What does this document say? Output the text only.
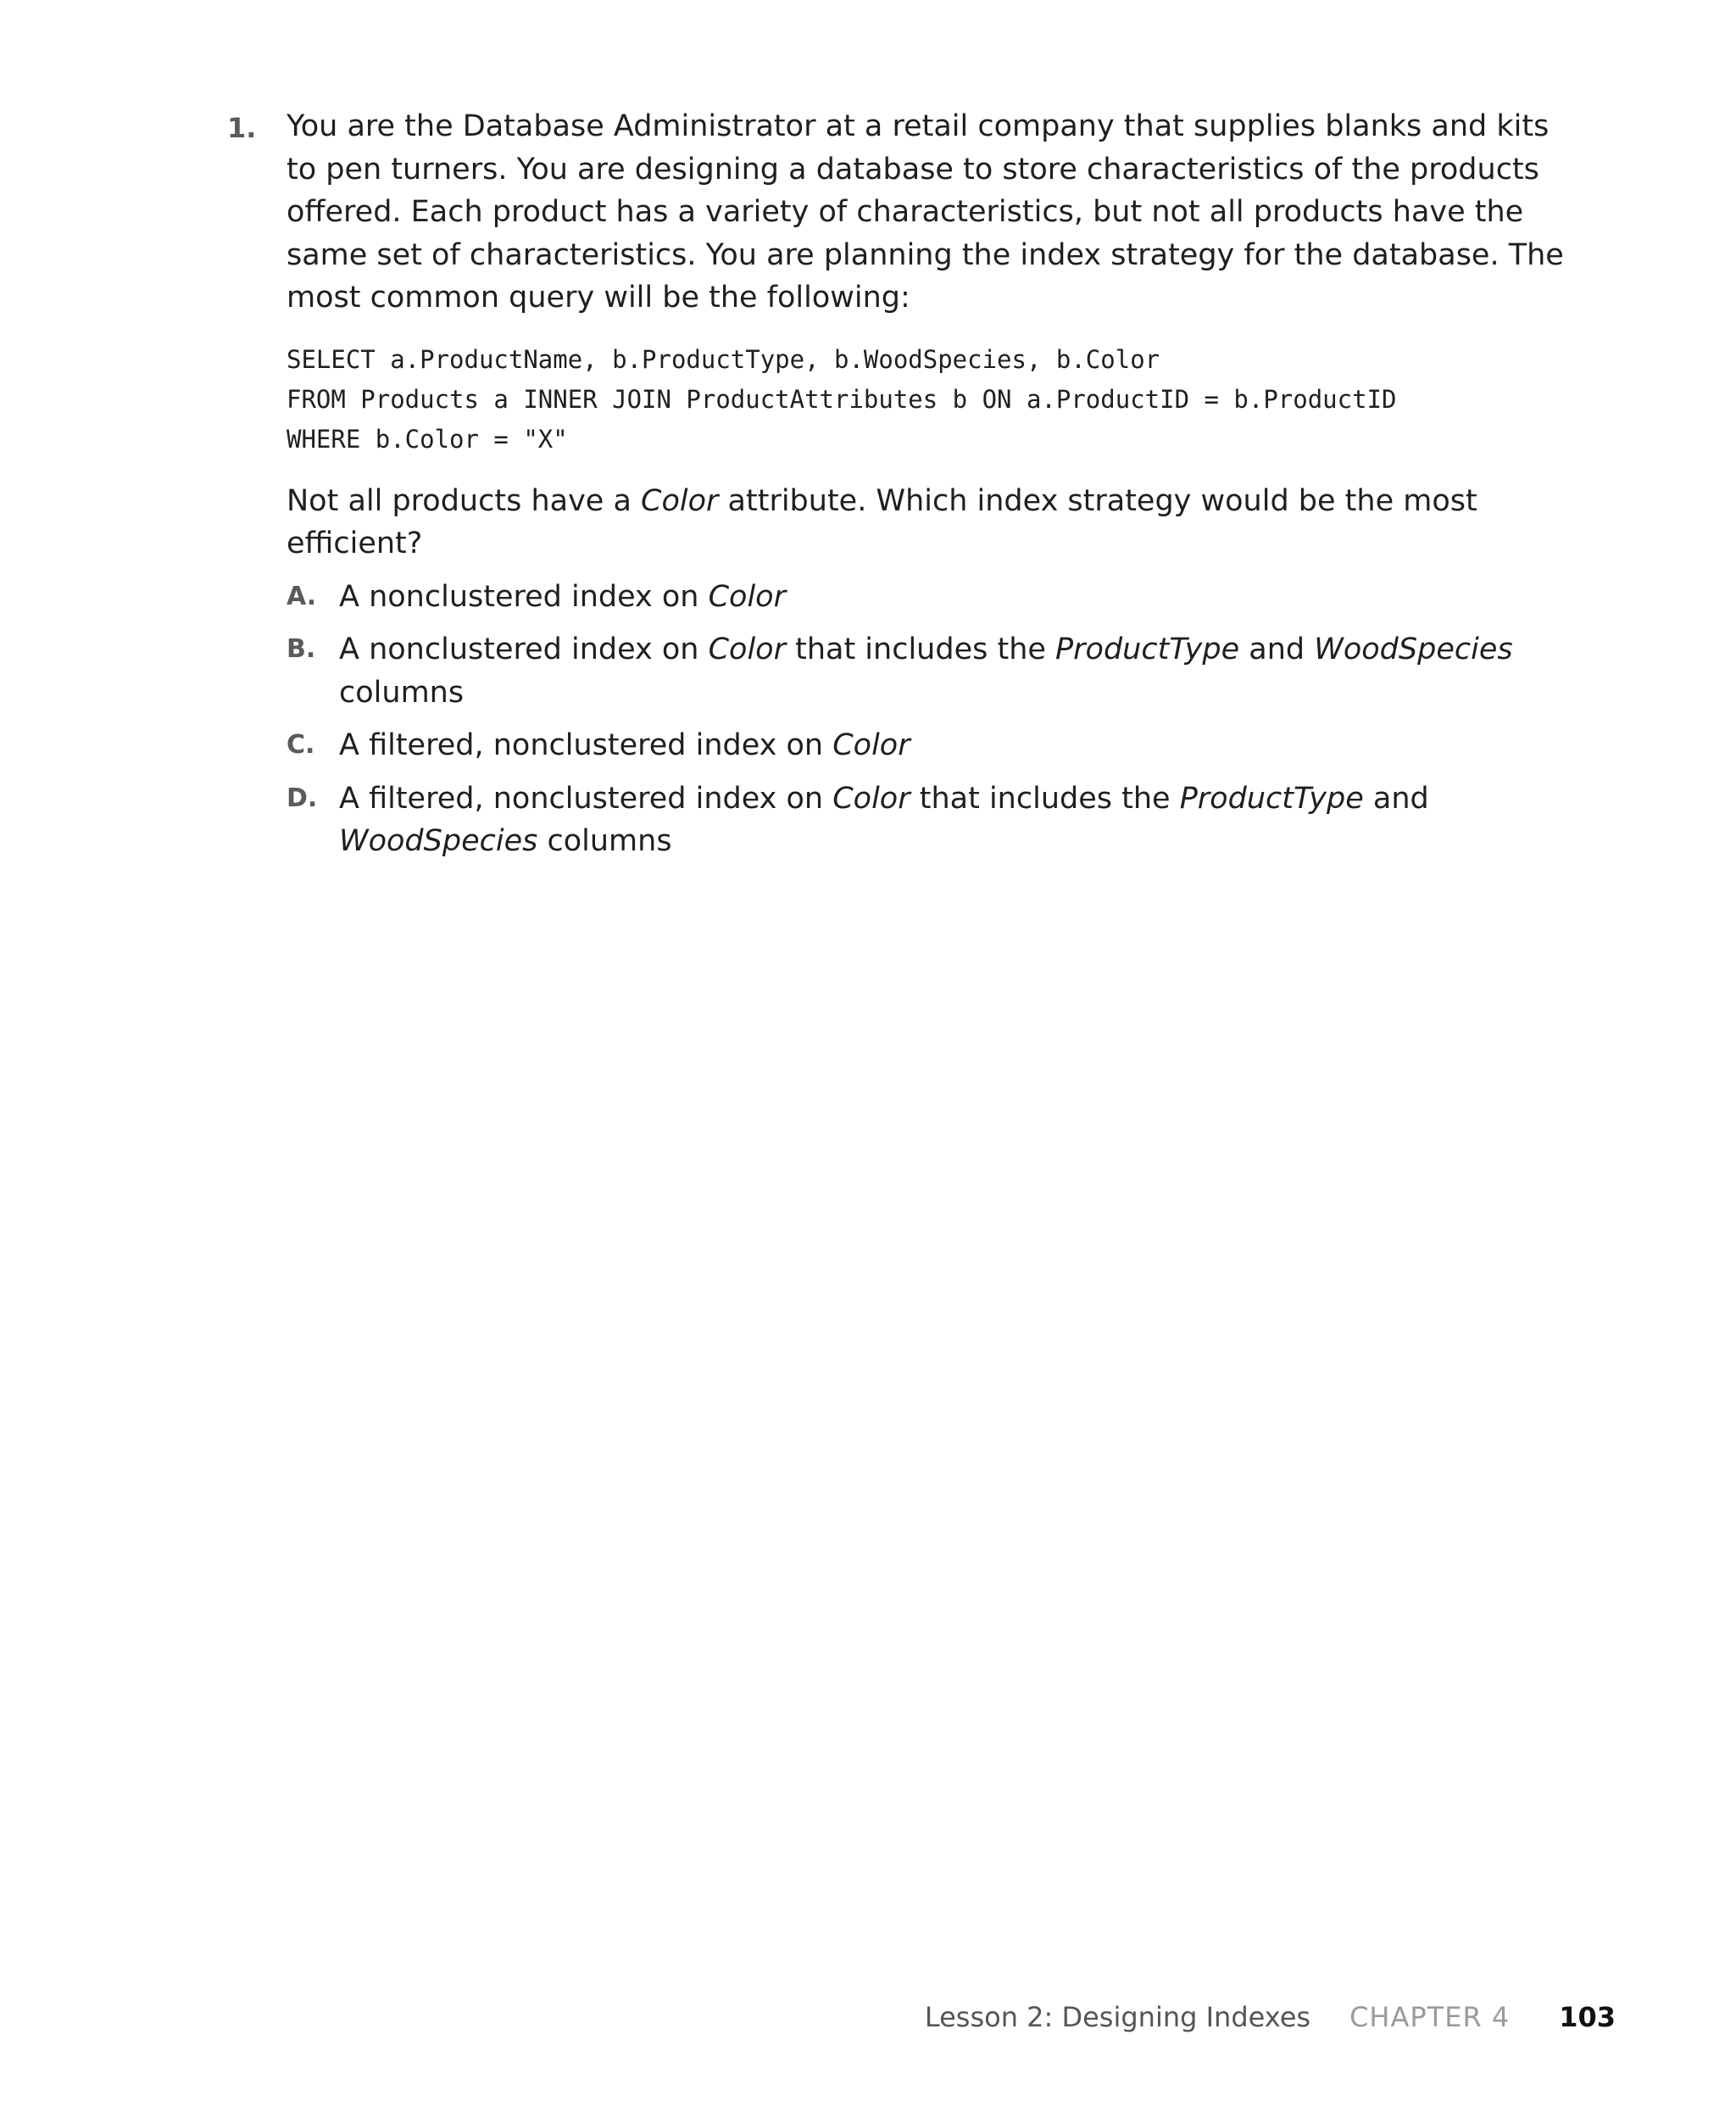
1. You are the Database Administrator at a retail company that supplies blanks and kits
to pen turners. You are designing a database to store characteristics of the products
offered. Each product has a variety of characteristics, but not all products have the
same set of characteristics. You are planning the index strategy for the database. The
most common query will be the following:

SELECT a.ProductName, b.ProductType, b.WoodSpecies, b.Color
FROM Products a INNER JOIN ProductAttributes b ON a.ProductID = b.ProductID
WHERE b.Color = "X"

Not all products have a Color attribute. Which index strategy would be the most
efficient?

A. A nonclustered index on Color
B. A nonclustered index on Color that includes the ProductType and WoodSpecies
columns
C. A filtered, nonclustered index on Color
D. A filtered, nonclustered index on Color that includes the ProductType and
WoodSpecies columns
Lesson 2: Designing Indexes CHAPTER 4 103
